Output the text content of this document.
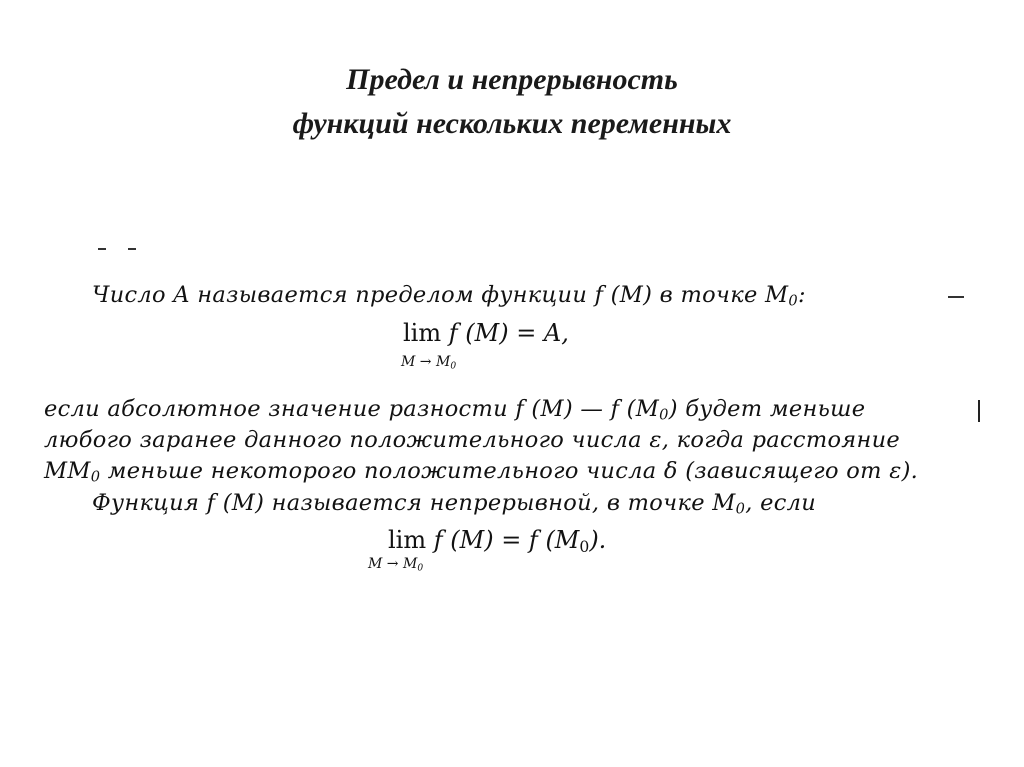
Предел и непрерывность
функций нескольких переменных
Число A называется пределом функции f (M) в точке $M_0$:
lim f (M) = A,
$M \to M_0$
если абсолютное значение разности f (M) — f $(M_0)$ будет меньше
любого заранее данного положительного числа ε, когда расстояние
$MM_0$ меньше некоторого положительного числа δ (зависящего от ε).
Функция f (M) называется непрерывной, в точке $M_0$, если
lim f (M) = f $(M_0)$.
$M \to M_0$
